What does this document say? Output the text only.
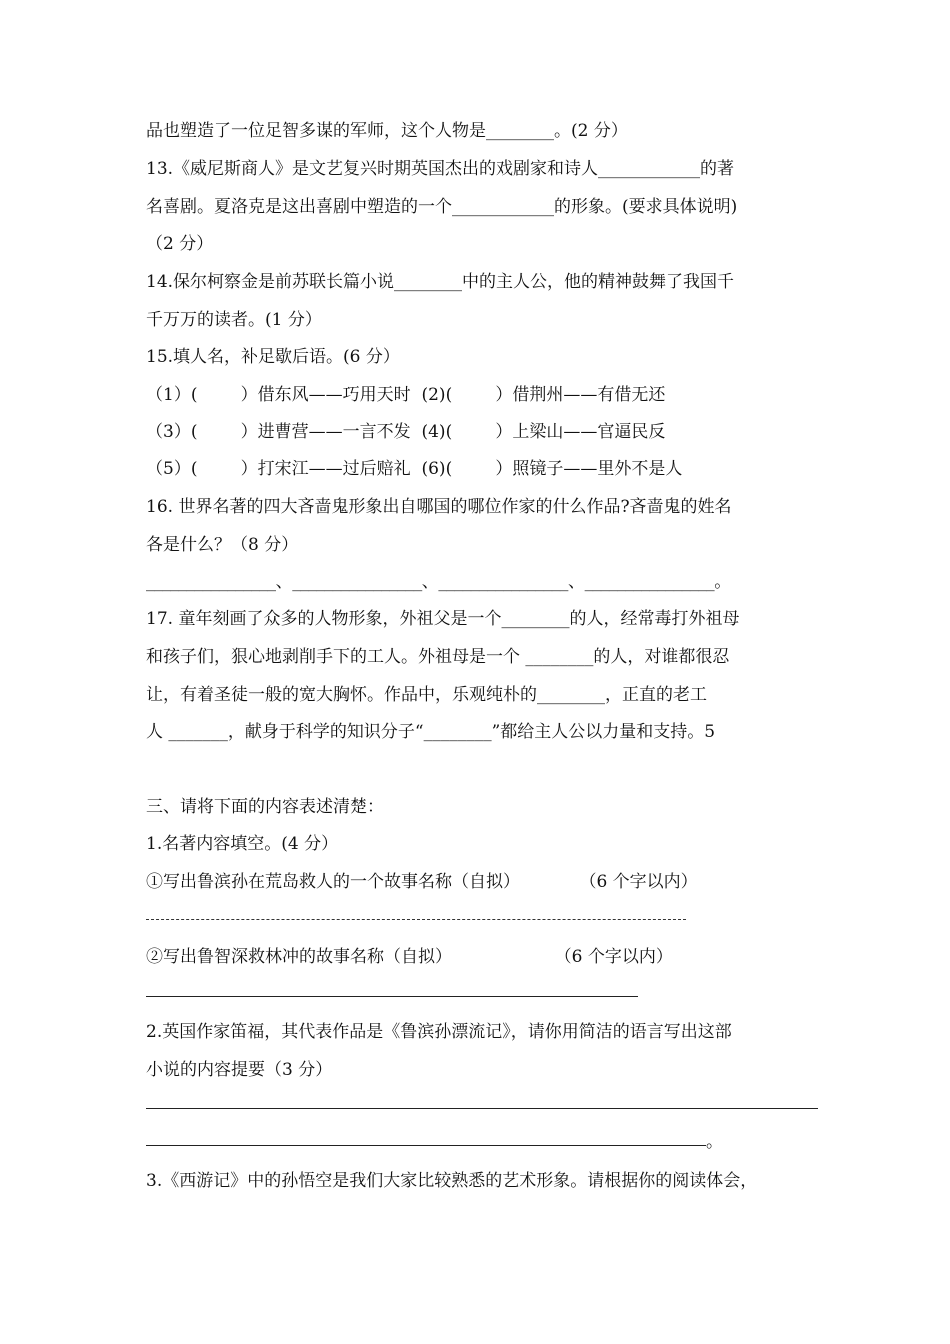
品也塑造了一位足智多谋的军师，这个人物是________。(2 分）
13.《威尼斯商人》是文艺复兴时期英国杰出的戏剧家和诗人____________的著
名喜剧。夏洛克是这出喜剧中塑造的一个____________的形象。(要求具体说明)
（2 分）
14.保尔柯察金是前苏联长篇小说________中的主人公，他的精神鼓舞了我国千
千万万的读者。(1 分）
15.填人名，补足歇后语。(6 分）
（1）(        ）借东风——巧用天时  (2)(        ）借荆州——有借无还
（3）(        ）进曹营——一言不发  (4)(        ）上梁山——官逼民反
（5）(        ）打宋江——过后赔礼  (6)(        ）照镜子——里外不是人
16. 世界名著的四大吝啬鬼形象出自哪国的哪位作家的什么作品?吝啬鬼的姓名
各是什么？（8 分）
________________、________________、________________、________________。
17. 童年刻画了众多的人物形象，外祖父是一个________的人，经常毒打外祖母
和孩子们，狠心地剥削手下的工人。外祖母是一个 ________的人，对谁都很忍
让，有着圣徒一般的宽大胸怀。作品中，乐观纯朴的________，正直的老工
人 _______，献身于科学的知识分子“________”都给主人公以力量和支持。5
三、请将下面的内容表述清楚：
1.名著内容填空。(4 分）
①写出鲁滨孙在荒岛救人的一个故事名称（自拟）           （6 个字以内）
②写出鲁智深救林冲的故事名称（自拟）                   （6 个字以内）
2.英国作家笛福，其代表作品是《鲁滨孙漂流记》，请你用简洁的语言写出这部
小说的内容提要（3 分）
。
3.《西游记》中的孙悟空是我们大家比较熟悉的艺术形象。请根据你的阅读体会，
